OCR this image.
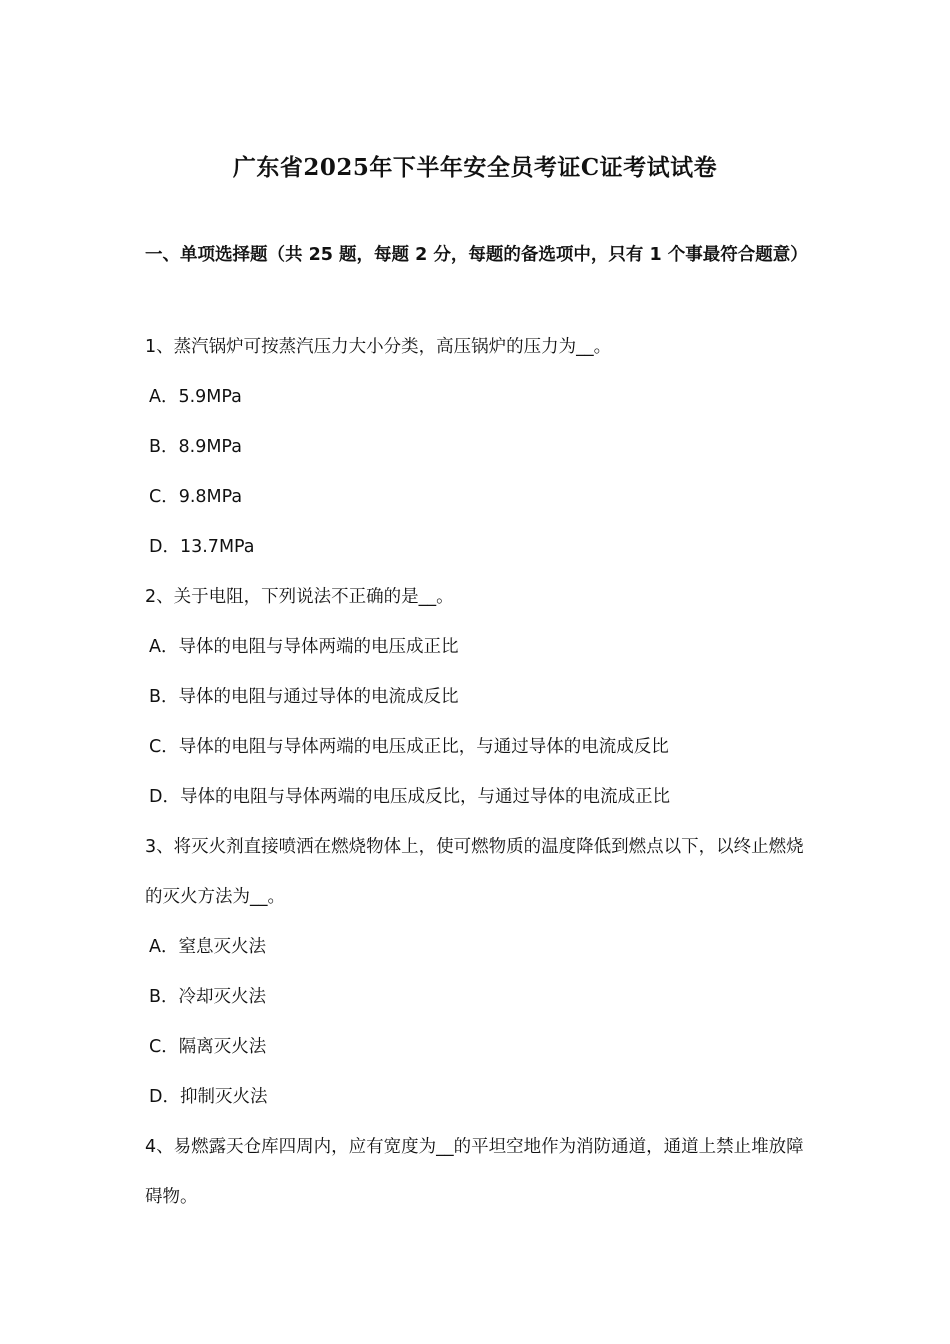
广东省2025年下半年安全员考证C证考试试卷
一、单项选择题（共 25 题，每题 2 分，每题的备选项中，只有 1 个事最符合题意）
1、蒸汽锅炉可按蒸汽压力大小分类，高压锅炉的压力为__。
A．5.9MPa
B．8.9MPa
C．9.8MPa
D．13.7MPa
2、关于电阻，下列说法不正确的是__。
A．导体的电阻与导体两端的电压成正比
B．导体的电阻与通过导体的电流成反比
C．导体的电阻与导体两端的电压成正比，与通过导体的电流成反比
D．导体的电阻与导体两端的电压成反比，与通过导体的电流成正比
3、将灭火剂直接喷洒在燃烧物体上，使可燃物质的温度降低到燃点以下，以终止燃烧的灭火方法为__。
A．窒息灭火法
B．冷却灭火法
C．隔离灭火法
D．抑制灭火法
4、易燃露天仓库四周内，应有宽度为__的平坦空地作为消防通道，通道上禁止堆放障碍物。
